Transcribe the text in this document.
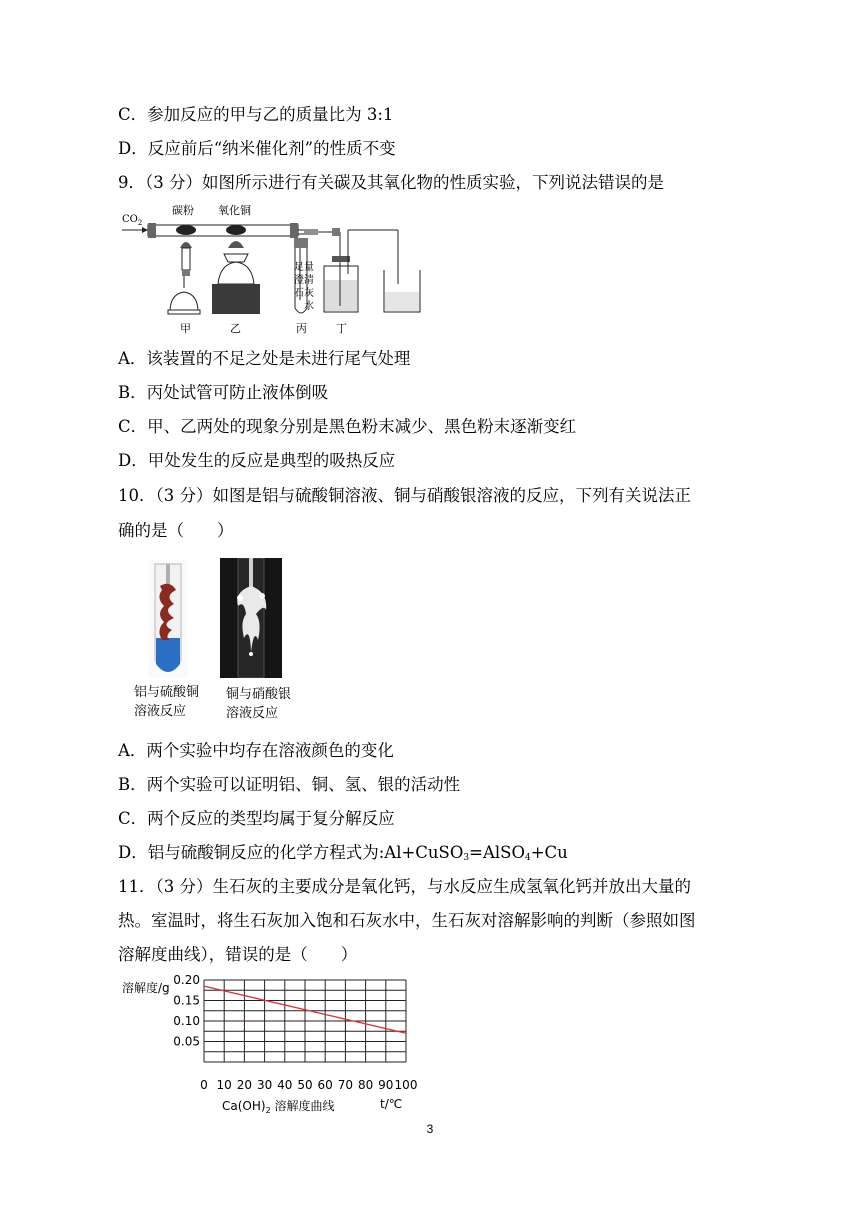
C．参加反应的甲与乙的质量比为 3:1
D．反应前后“纳米催化剂”的性质不变
9．（3 分）如图所示进行有关碳及其氧化物的性质实验，下列说法错误的是
$CO_2$
碳粉 氧化铜
足量
澄清
石灰
水
甲	乙	丙	丁
A．该装置的不足之处是未进行尾气处理
B．丙处试管可防止液体倒吸
C．甲、乙两处的现象分别是黑色粉末减少、黑色粉末逐渐变红
D．甲处发生的反应是典型的吸热反应
10．（3 分）如图是铝与硫酸铜溶液、铜与硝酸银溶液的反应，下列有关说法正
确的是（　　）
铝与硫酸铜
溶液反应
铜与硝酸银
溶液反应
A．两个实验中均存在溶液颜色的变化
B．两个实验可以证明铝、铜、氢、银的活动性
C．两个反应的类型均属于复分解反应
D．铝与硫酸铜反应的化学方程式为:Al+CuSO$_3$=AlSO$_4$+Cu
11．（3 分）生石灰的主要成分是氧化钙，与水反应生成氢氧化钙并放出大量的
热。室温时，将生石灰加入饱和石灰水中，生石灰对溶解影响的判断（参照如图
溶解度曲线），错误的是（　　）
0.20
0.15
0.10
0.05
0 10 20 30 40 50 60 70 80 90 100
溶解度/g
t/℃
$Ca(OH)_2$ 溶解度曲线
3
